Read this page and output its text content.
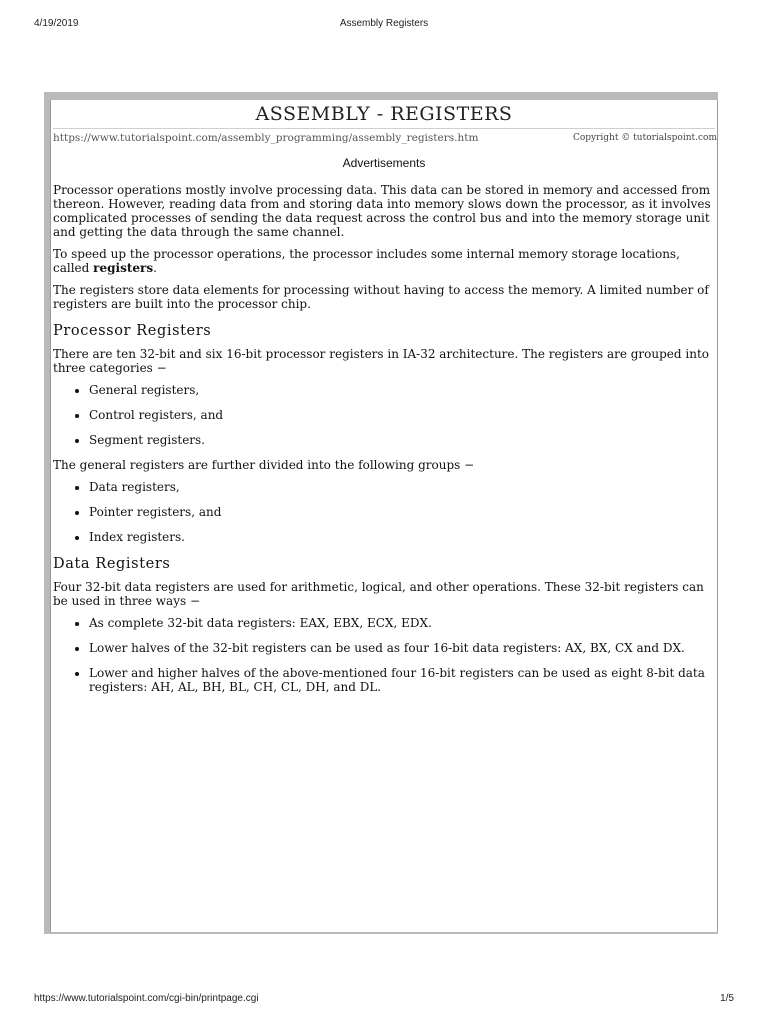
4/19/2019	Assembly Registers
ASSEMBLY - REGISTERS
https://www.tutorialspoint.com/assembly_programming/assembly_registers.htm	Copyright © tutorialspoint.com
Advertisements

Processor operations mostly involve processing data. This data can be stored in memory and accessed from thereon. However, reading data from and storing data into memory slows down the processor, as it involves complicated processes of sending the data request across the control bus and into the memory storage unit and getting the data through the same channel.

To speed up the processor operations, the processor includes some internal memory storage locations, called registers.

The registers store data elements for processing without having to access the memory. A limited number of registers are built into the processor chip.

Processor Registers

There are ten 32-bit and six 16-bit processor registers in IA-32 architecture. The registers are grouped into three categories −

• General registers,
• Control registers, and
• Segment registers.

The general registers are further divided into the following groups −

• Data registers,
• Pointer registers, and
• Index registers.
Data Registers

Four 32-bit data registers are used for arithmetic, logical, and other operations. These 32-bit registers can be used in three ways −

• As complete 32-bit data registers: EAX, EBX, ECX, EDX.
• Lower halves of the 32-bit registers can be used as four 16-bit data registers: AX, BX, CX and DX.
• Lower and higher halves of the above-mentioned four 16-bit registers can be used as eight 8-bit data registers: AH, AL, BH, BL, CH, CL, DH, and DL.
https://www.tutorialspoint.com/cgi-bin/printpage.cgi	1/5
